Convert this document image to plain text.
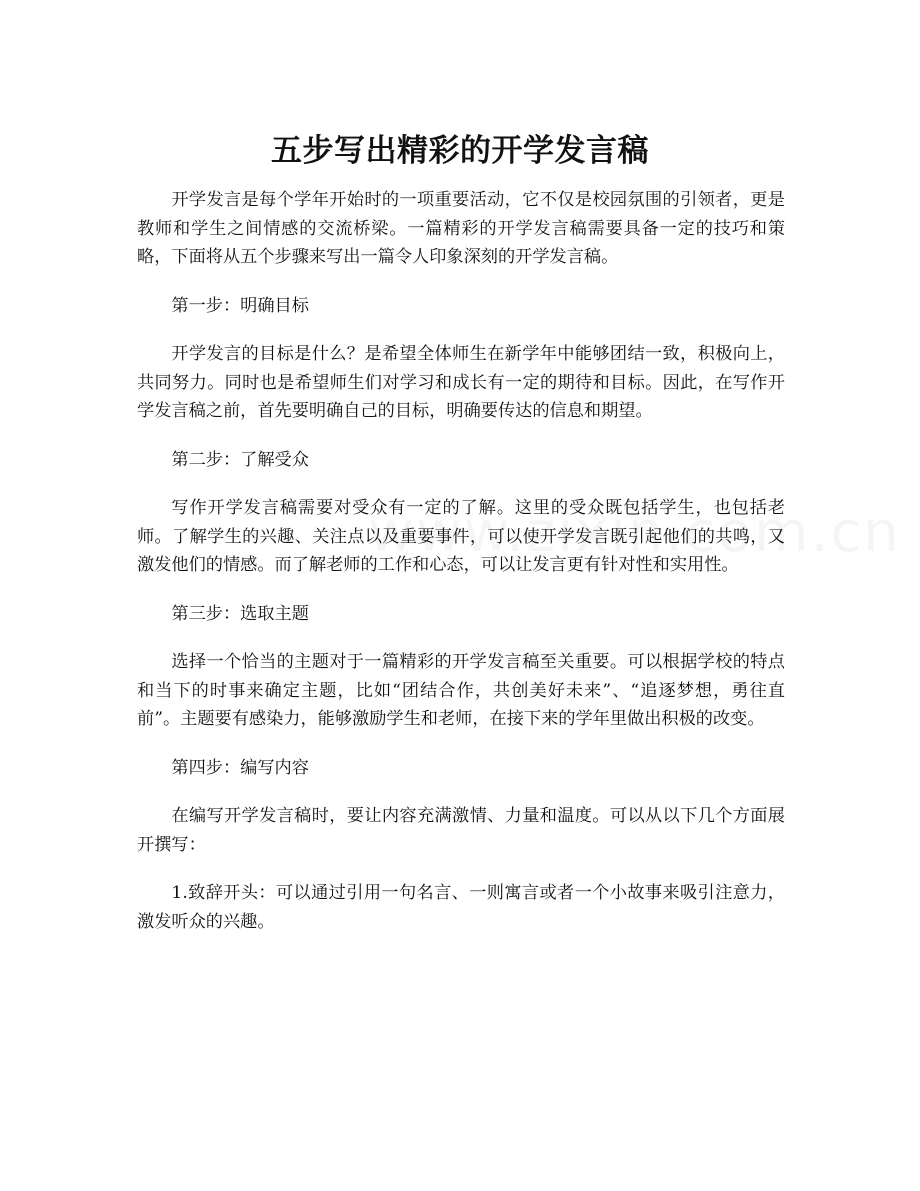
五步写出精彩的开学发言稿

开学发言是每个学年开始时的一项重要活动，它不仅是校园氛围的引领者，更是教师和学生之间情感的交流桥梁。一篇精彩的开学发言稿需要具备一定的技巧和策略，下面将从五个步骤来写出一篇令人印象深刻的开学发言稿。

第一步：明确目标

开学发言的目标是什么？是希望全体师生在新学年中能够团结一致，积极向上，共同努力。同时也是希望师生们对学习和成长有一定的期待和目标。因此，在写作开学发言稿之前，首先要明确自己的目标，明确要传达的信息和期望。

第二步：了解受众

写作开学发言稿需要对受众有一定的了解。这里的受众既包括学生，也包括老师。了解学生的兴趣、关注点以及重要事件，可以使开学发言既引起他们的共鸣，又激发他们的情感。而了解老师的工作和心态，可以让发言更有针对性和实用性。

第三步：选取主题

选择一个恰当的主题对于一篇精彩的开学发言稿至关重要。可以根据学校的特点和当下的时事来确定主题，比如“团结合作，共创美好未来”、“追逐梦想，勇往直前”。主题要有感染力，能够激励学生和老师，在接下来的学年里做出积极的改变。

第四步：编写内容

在编写开学发言稿时，要让内容充满激情、力量和温度。可以从以下几个方面展开撰写：

1.致辞开头：可以通过引用一句名言、一则寓言或者一个小故事来吸引注意力，激发听众的兴趣。
